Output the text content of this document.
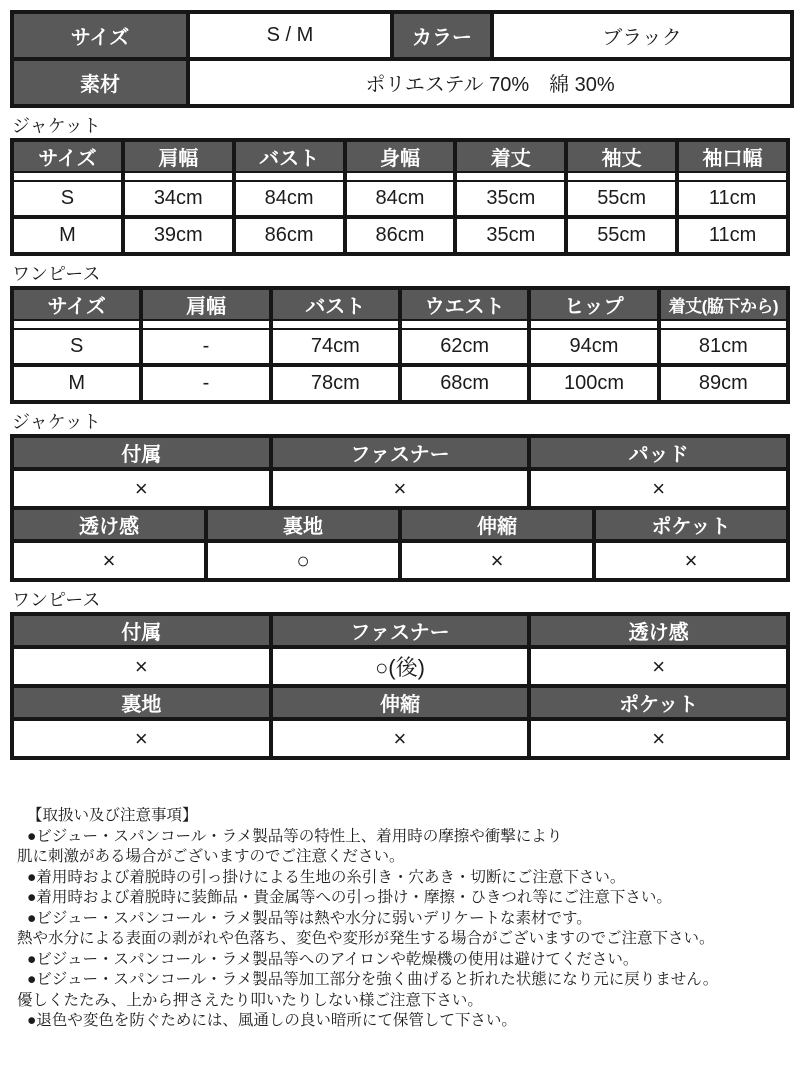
サイズ	S / M	カラー	ブラック
素材	ポリエステル 70%　綿 30%		
ジャケット
サイズ	肩幅	バスト	身幅	着丈	袖丈	袖口幅

S	34cm	84cm	84cm	35cm	55cm	11cm
M	39cm	86cm	86cm	35cm	55cm	11cm
ワンピース
サイズ	肩幅	バスト	ウエスト	ヒップ	着丈(脇下から)

S	-	74cm	62cm	94cm	81cm
M	-	78cm	68cm	100cm	89cm
ジャケット
付属	ファスナー	パッド
×	×	×
透け感	裏地	伸縮	ポケット
×	○	×	×
ワンピース
付属	ファスナー	透け感
×	○(後)	×
裏地	伸縮	ポケット
×	×	×
【取扱い及び注意事項】
●ビジュー・スパンコール・ラメ製品等の特性上、着用時の摩擦や衝撃により
肌に刺激がある場合がございますのでご注意ください。
●着用時および着脱時の引っ掛けによる生地の糸引き・穴あき・切断にご注意下さい。
●着用時および着脱時に装飾品・貴金属等への引っ掛け・摩擦・ひきつれ等にご注意下さい。
●ビジュー・スパンコール・ラメ製品等は熱や水分に弱いデリケートな素材です。
熱や水分による表面の剥がれや色落ち、変色や変形が発生する場合がございますのでご注意下さい。
●ビジュー・スパンコール・ラメ製品等へのアイロンや乾燥機の使用は避けてください。
●ビジュー・スパンコール・ラメ製品等加工部分を強く曲げると折れた状態になり元に戻りません。
優しくたたみ、上から押さえたり叩いたりしない様ご注意下さい。
●退色や変色を防ぐためには、風通しの良い暗所にて保管して下さい。
